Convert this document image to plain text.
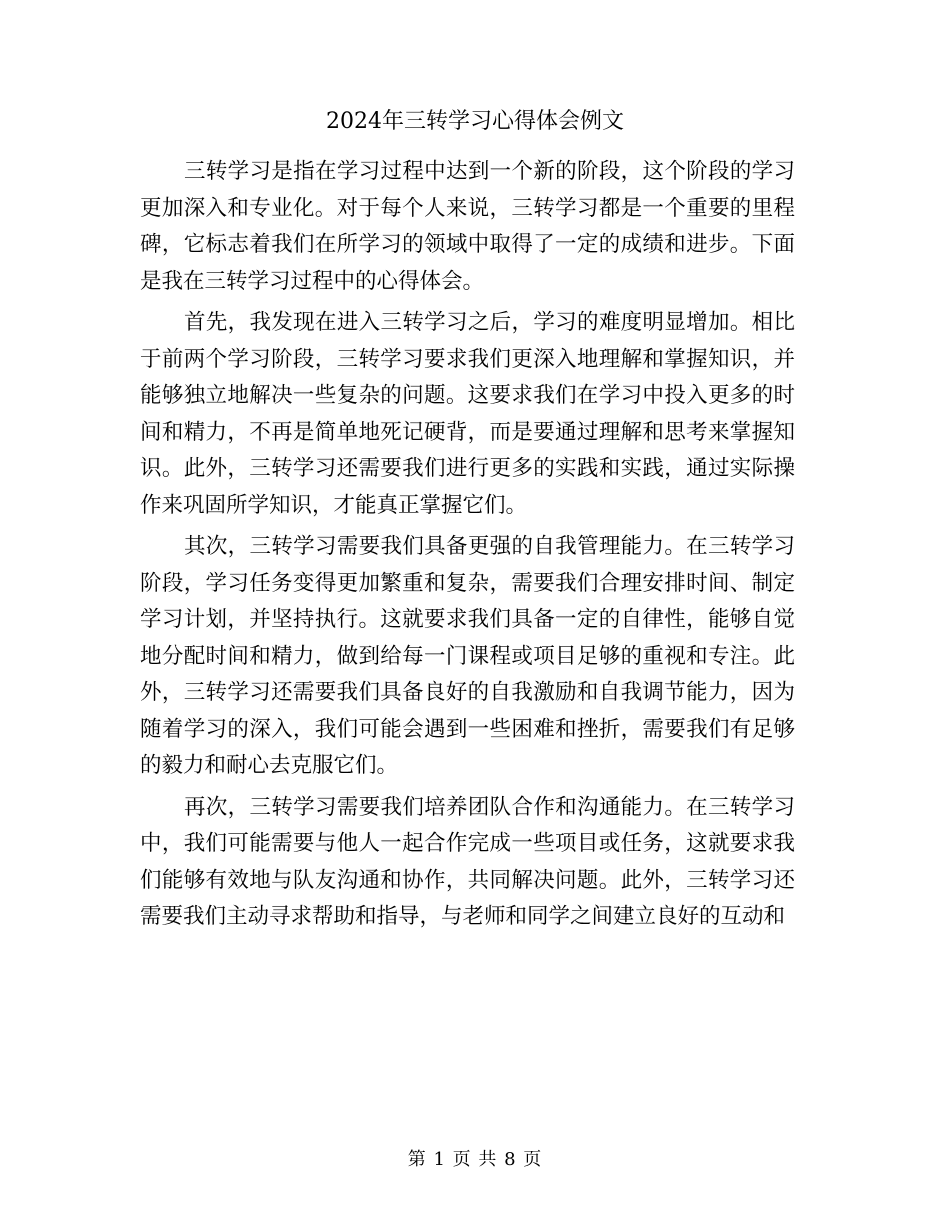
2024年三转学习心得体会例文

三转学习是指在学习过程中达到一个新的阶段，这个阶段的学习更加深入和专业化。对于每个人来说，三转学习都是一个重要的里程碑，它标志着我们在所学习的领域中取得了一定的成绩和进步。下面是我在三转学习过程中的心得体会。

首先，我发现在进入三转学习之后，学习的难度明显增加。相比于前两个学习阶段，三转学习要求我们更深入地理解和掌握知识，并能够独立地解决一些复杂的问题。这要求我们在学习中投入更多的时间和精力，不再是简单地死记硬背，而是要通过理解和思考来掌握知识。此外，三转学习还需要我们进行更多的实践和实践，通过实际操作来巩固所学知识，才能真正掌握它们。

其次，三转学习需要我们具备更强的自我管理能力。在三转学习阶段，学习任务变得更加繁重和复杂，需要我们合理安排时间、制定学习计划，并坚持执行。这就要求我们具备一定的自律性，能够自觉地分配时间和精力，做到给每一门课程或项目足够的重视和专注。此外，三转学习还需要我们具备良好的自我激励和自我调节能力，因为随着学习的深入，我们可能会遇到一些困难和挫折，需要我们有足够的毅力和耐心去克服它们。

再次，三转学习需要我们培养团队合作和沟通能力。在三转学习中，我们可能需要与他人一起合作完成一些项目或任务，这就要求我们能够有效地与队友沟通和协作，共同解决问题。此外，三转学习还需要我们主动寻求帮助和指导，与老师和同学之间建立良好的互动和

第 1 页 共 8 页
